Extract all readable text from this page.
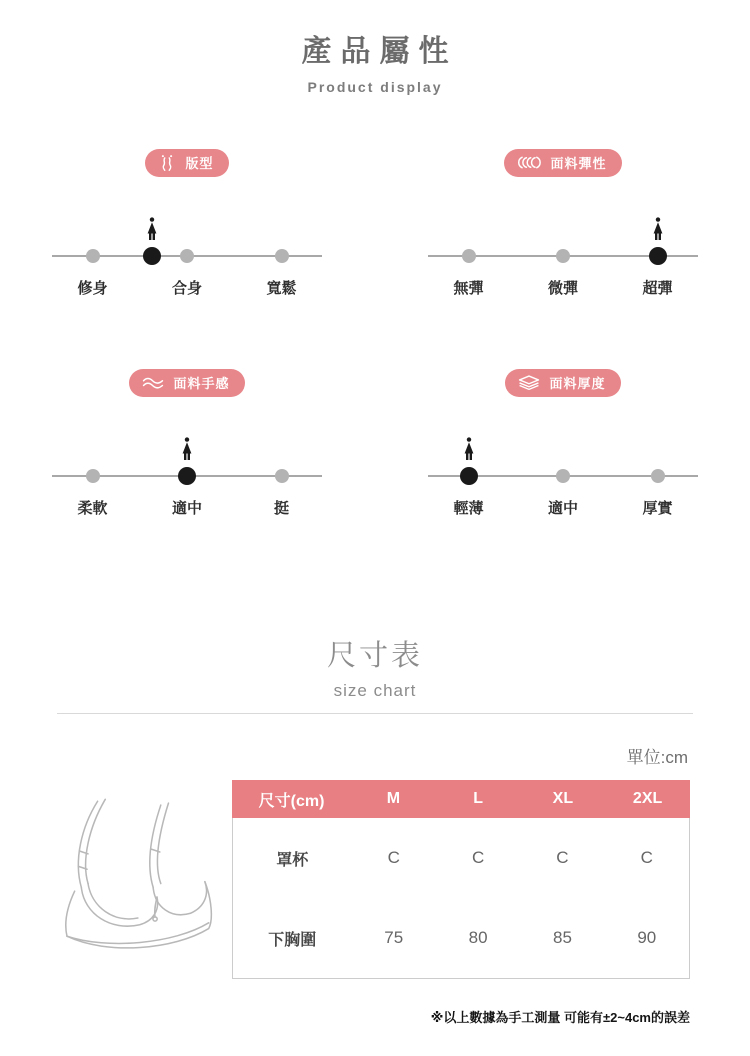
產品屬性
Product display
版型
修身	合身	寬鬆
面料彈性
無彈	微彈	超彈
面料手感
柔軟	適中	挺
面料厚度
輕薄	適中	厚實
尺寸表
size chart
單位:cm
尺寸(cm)	M	L	XL	2XL
罩杯	C	C	C	C
下胸圍	75	80	85	90
※以上數據為手工測量 可能有±2~4cm的誤差
